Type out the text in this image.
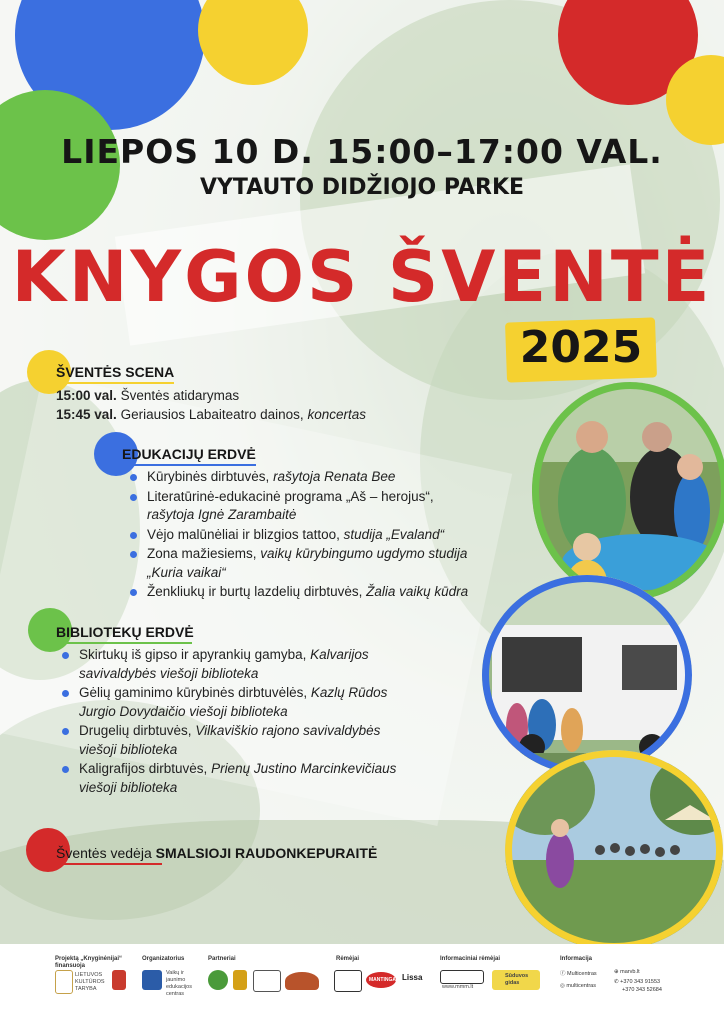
LIEPOS 10 D. 15:00–17:00 VAL.
VYTAUTO DIDŽIOJO PARKE
KNYGOS ŠVENTĖ
2025
ŠVENTĖS SCENA
15:00 val. Šventės atidarymas
15:45 val. Geriausios Labaiteatro dainos, koncertas
EDUKACIJŲ ERDVĖ
Kūrybinės dirbtuvės, rašytoja Renata Bee
Literatūrinė-edukacinė programa „Aš – herojus“,
rašytoja Ignė Zarambaitė
Vėjo malūnėliai ir blizgios tattoo, studija „Evaland“
Zona mažiesiems, vaikų kūrybingumo ugdymo studija
„Kuria vaikai“
Ženkliukų ir burtų lazdelių dirbtuvės, Žalia vaikų kūdra
BIBLIOTEKŲ ERDVĖ
Skirtukų iš gipso ir apyrankių gamyba, Kalvarijos
savivaldybės viešoji biblioteka
Gėlių gaminimo kūrybinės dirbtuvėlės, Kazlų Rūdos
Jurgio Dovydaičio viešoji biblioteka
Drugelių dirbtuvės, Vilkaviškio rajono savivaldybės
viešoji biblioteka
Kaligrafijos dirbtuvės, Prienų Justino Marcinkevičiaus
viešoji biblioteka
Šventės vedėja SMALSIOJI RAUDONKEPURAITĖ
Projektą „Knyginėnijai“ finansuoja
LIETUVOS KULTŪROS TARYBA
Organizatorius
Vaikų ir jaunimo edukacijos centras
Partneriai	Rėmėjai
MANTINGA Lissa
Informaciniai rėmėjai
www.mmm.lt
Sūduvos gidas
Informacija
ⓕ Multicentras
◎ multicentras
⊕ marvb.lt
✆ +370 343 91553
+370 343 52684
